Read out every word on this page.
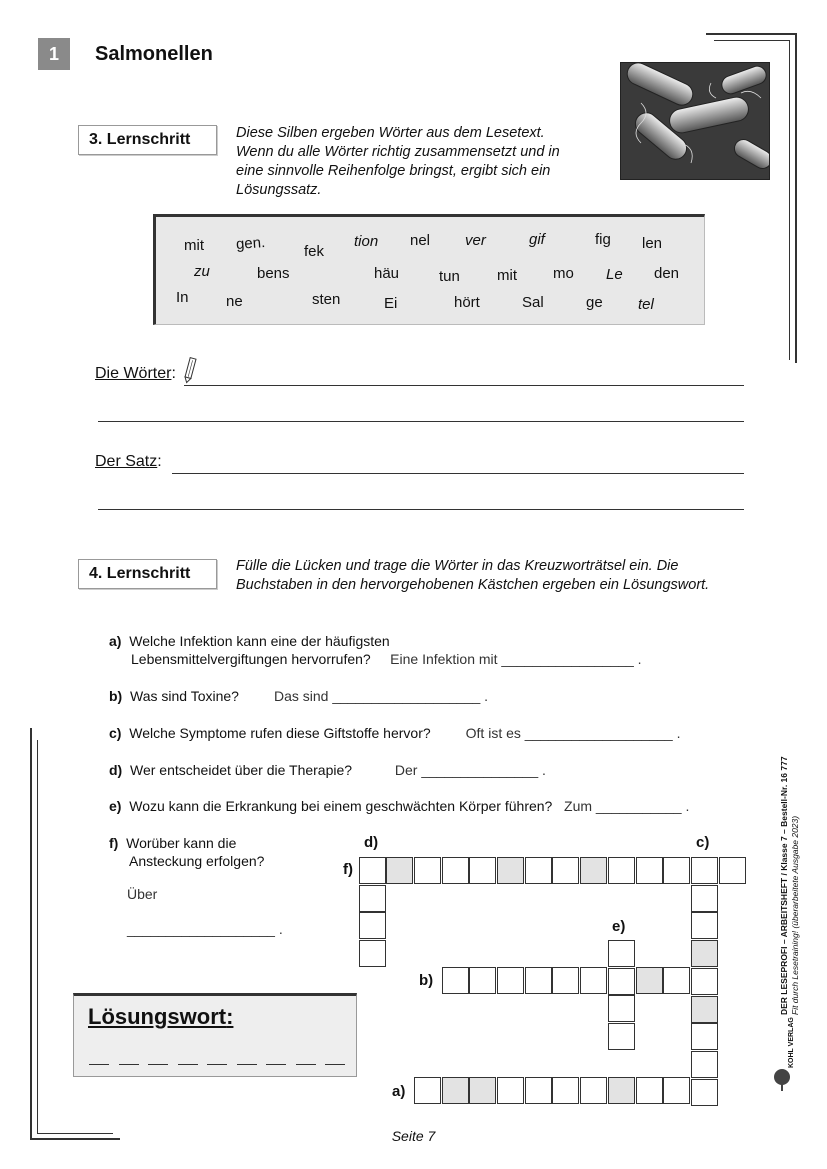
1	Salmonellen
3. Lernschritt	Diese Silben ergeben Wörter aus dem Lesetext. Wenn du alle Wörter richtig zusammensetzt und in eine sinnvolle Reihenfolge bringst, ergibt sich ein Lösungssatz.
mit gen.	fek
tion nel ver	gif	fig len
zu	bens	häu	tun mit mo Le den
In ne	sten	Ei	hört	Sal	ge tel
Die Wörter:
Der Satz:
4. Lernschritt	Fülle die Lücken und trage die Wörter in das Kreuzworträtsel ein. Die Buchstaben in den hervorgehobenen Kästchen ergeben ein Lösungswort.
a) Welche Infektion kann eine der häufigsten
Lebensmittelvergiftungen hervorrufen? Eine Infektion mit _________________ .
b) Was sind Toxine?	Das sind ___________________ .
c) Welche Symptome rufen diese Giftstoffe hervor?	Oft ist es ___________________ .
d) Wer entscheidet über die Therapie?	Der _______________ .
e) Wozu kann die Erkrankung bei einem geschwächten Körper führen? Zum ___________ .
f) Worüber kann die
Ansteckung erfolgen?
Über
___________________ .
d)	c)
f)
e)
b)
a)
Lösungswort:
DER LESEPROFI – ARBEITSHEFT / Klasse 7 – Bestell-Nr. 16 777 Fit durch Lesetraining! (überarbeitete Ausgabe 2023)
KOHL VERLAG
Seite 7
